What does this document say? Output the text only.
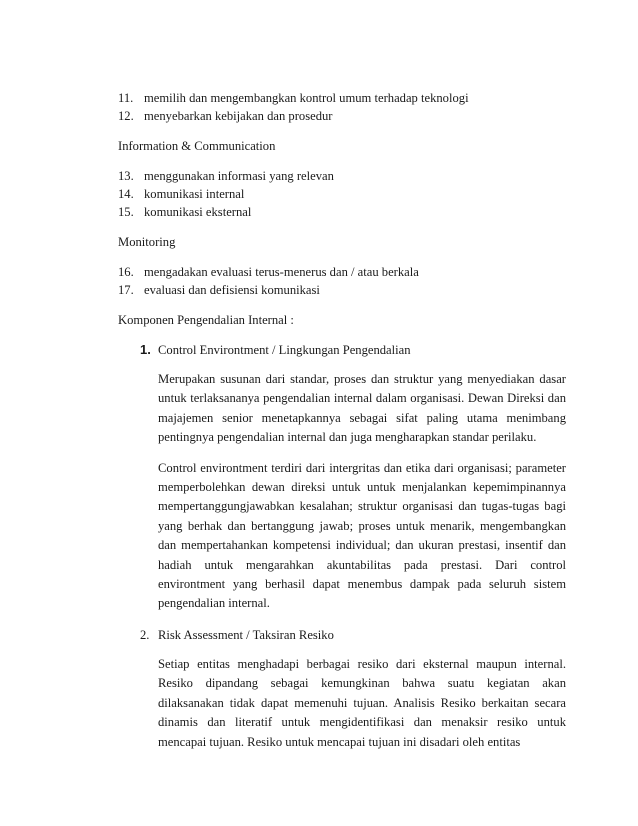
11. memilih dan mengembangkan kontrol umum terhadap teknologi
12. menyebarkan kebijakan dan prosedur
Information & Communication
13. menggunakan informasi yang relevan
14. komunikasi internal
15. komunikasi eksternal
Monitoring
16. mengadakan evaluasi terus-menerus dan / atau berkala
17. evaluasi dan defisiensi komunikasi
Komponen Pengendalian Internal :
1. Control Environtment / Lingkungan Pengendalian
Merupakan susunan dari standar, proses dan struktur yang menyediakan dasar untuk terlaksananya pengendalian internal dalam organisasi. Dewan Direksi dan majajemen senior menetapkannya sebagai sifat paling utama menimbang pentingnya pengendalian internal dan juga mengharapkan standar perilaku.
Control environtment terdiri dari intergritas dan etika dari organisasi; parameter memperbolehkan dewan direksi untuk untuk menjalankan kepemimpinannya mempertanggungjawabkan kesalahan; struktur organisasi dan tugas-tugas bagi yang berhak dan bertanggung jawab; proses untuk menarik, mengembangkan dan mempertahankan kompetensi individual; dan ukuran prestasi, insentif dan hadiah untuk mengarahkan akuntabilitas pada prestasi. Dari control environtment yang berhasil dapat menembus dampak pada seluruh sistem pengendalian internal.
2. Risk Assessment / Taksiran Resiko
Setiap entitas menghadapi berbagai resiko dari eksternal maupun internal. Resiko dipandang sebagai kemungkinan bahwa suatu kegiatan akan dilaksanakan tidak dapat memenuhi tujuan. Analisis Resiko berkaitan secara dinamis dan literatif untuk mengidentifikasi dan menaksir resiko untuk mencapai tujuan. Resiko untuk mencapai tujuan ini disadari oleh entitas
